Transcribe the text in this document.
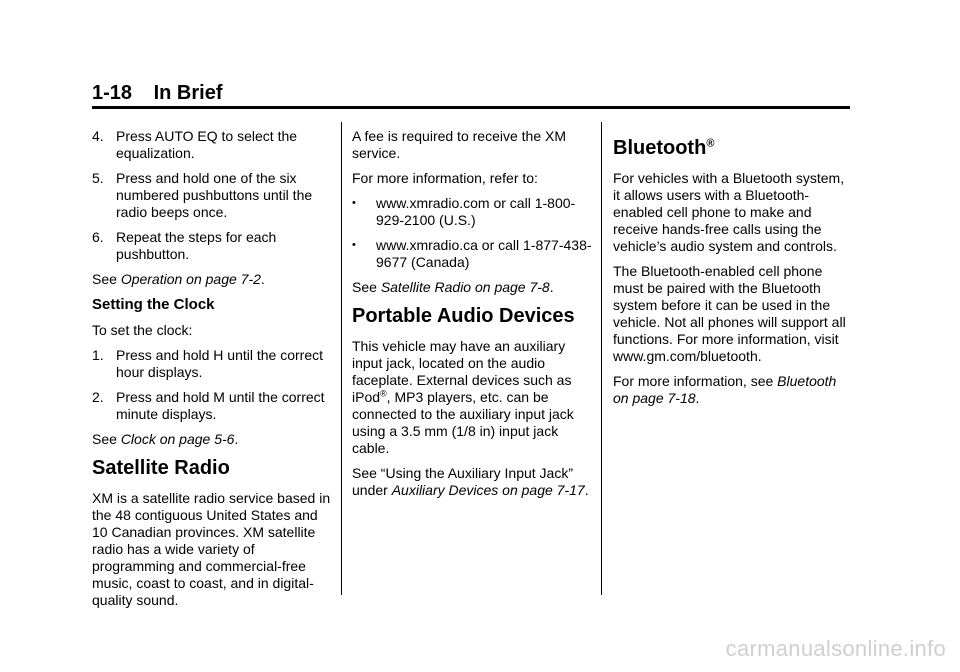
1-18 In Brief
4. Press AUTO EQ to select the equalization.
5. Press and hold one of the six numbered pushbuttons until the radio beeps once.
6. Repeat the steps for each pushbutton.

See Operation on page 7-2.

Setting the Clock

To set the clock:

1. Press and hold H until the correct hour displays.
2. Press and hold M until the correct minute displays.

See Clock on page 5-6.

Satellite Radio

XM is a satellite radio service based in the 48 contiguous United States and 10 Canadian provinces. XM satellite radio has a wide variety of programming and commercial-free music, coast to coast, and in digital-quality sound.

A fee is required to receive the XM service.

For more information, refer to:

•	www.xmradio.com or call 1-800-929-2100 (U.S.)
•	www.xmradio.ca or call 1-877-438-9677 (Canada)

See Satellite Radio on page 7-8.

Portable Audio Devices

This vehicle may have an auxiliary input jack, located on the audio faceplate. External devices such as iPod®, MP3 players, etc. can be connected to the auxiliary input jack using a 3.5 mm (1/8 in) input jack cable.

See “Using the Auxiliary Input Jack” under Auxiliary Devices on page 7-17.

Bluetooth®

For vehicles with a Bluetooth system, it allows users with a Bluetooth-enabled cell phone to make and receive hands-free calls using the vehicle’s audio system and controls.

The Bluetooth-enabled cell phone must be paired with the Bluetooth system before it can be used in the vehicle. Not all phones will support all functions. For more information, visit www.gm.com/bluetooth.

For more information, see Bluetooth on page 7-18.

carmanualsonline.info
